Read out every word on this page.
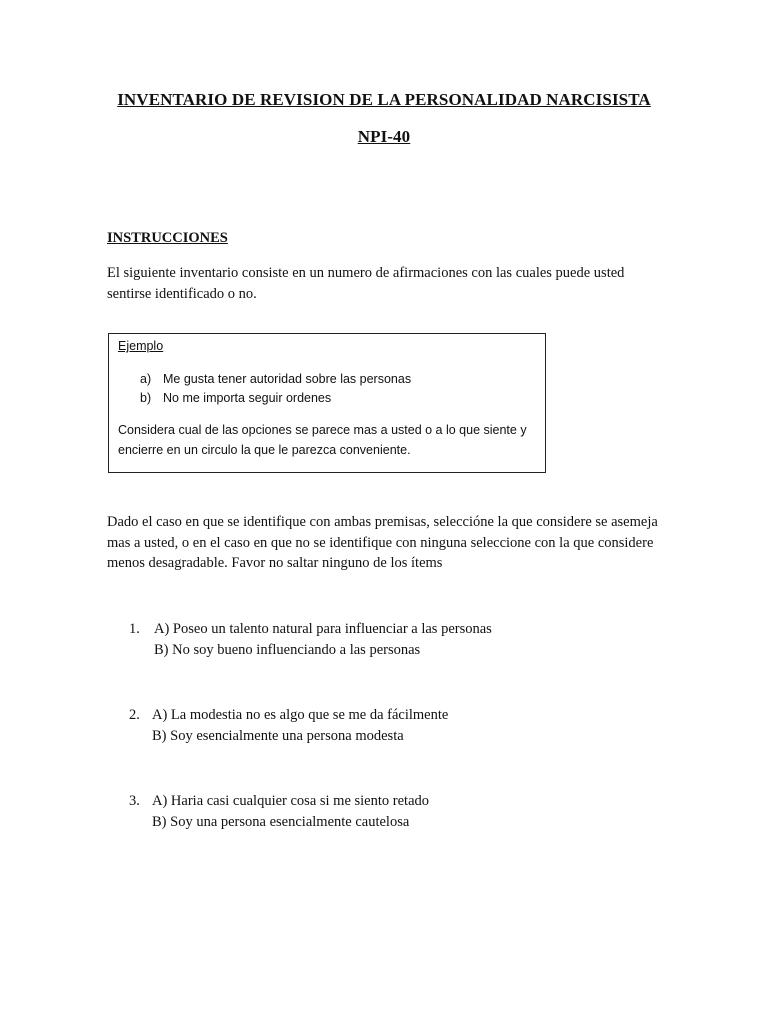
INVENTARIO DE REVISION DE LA PERSONALIDAD NARCISISTA
NPI-40
INSTRUCCIONES
El siguiente inventario consiste en un numero de afirmaciones con las cuales puede usted sentirse identificado o no.
Ejemplo
a) Me gusta tener autoridad sobre las personas
b) No me importa seguir ordenes
Considera cual de las opciones se parece mas a usted o a lo que siente y encierre en un circulo la que le parezca conveniente.
Dado el caso en que se identifique con ambas premisas, seleccióne la que considere se asemeja mas a usted, o en el caso en que no se identifique con ninguna seleccione con la que considere menos desagradable. Favor no saltar ninguno de los ítems
1. A) Poseo un talento natural para influenciar a las personas
B) No soy bueno influenciando a las personas
2. A) La modestia no es algo que se me da fácilmente
B) Soy esencialmente una persona modesta
3. A) Haria casi cualquier cosa si me siento retado
B) Soy una persona esencialmente cautelosa
